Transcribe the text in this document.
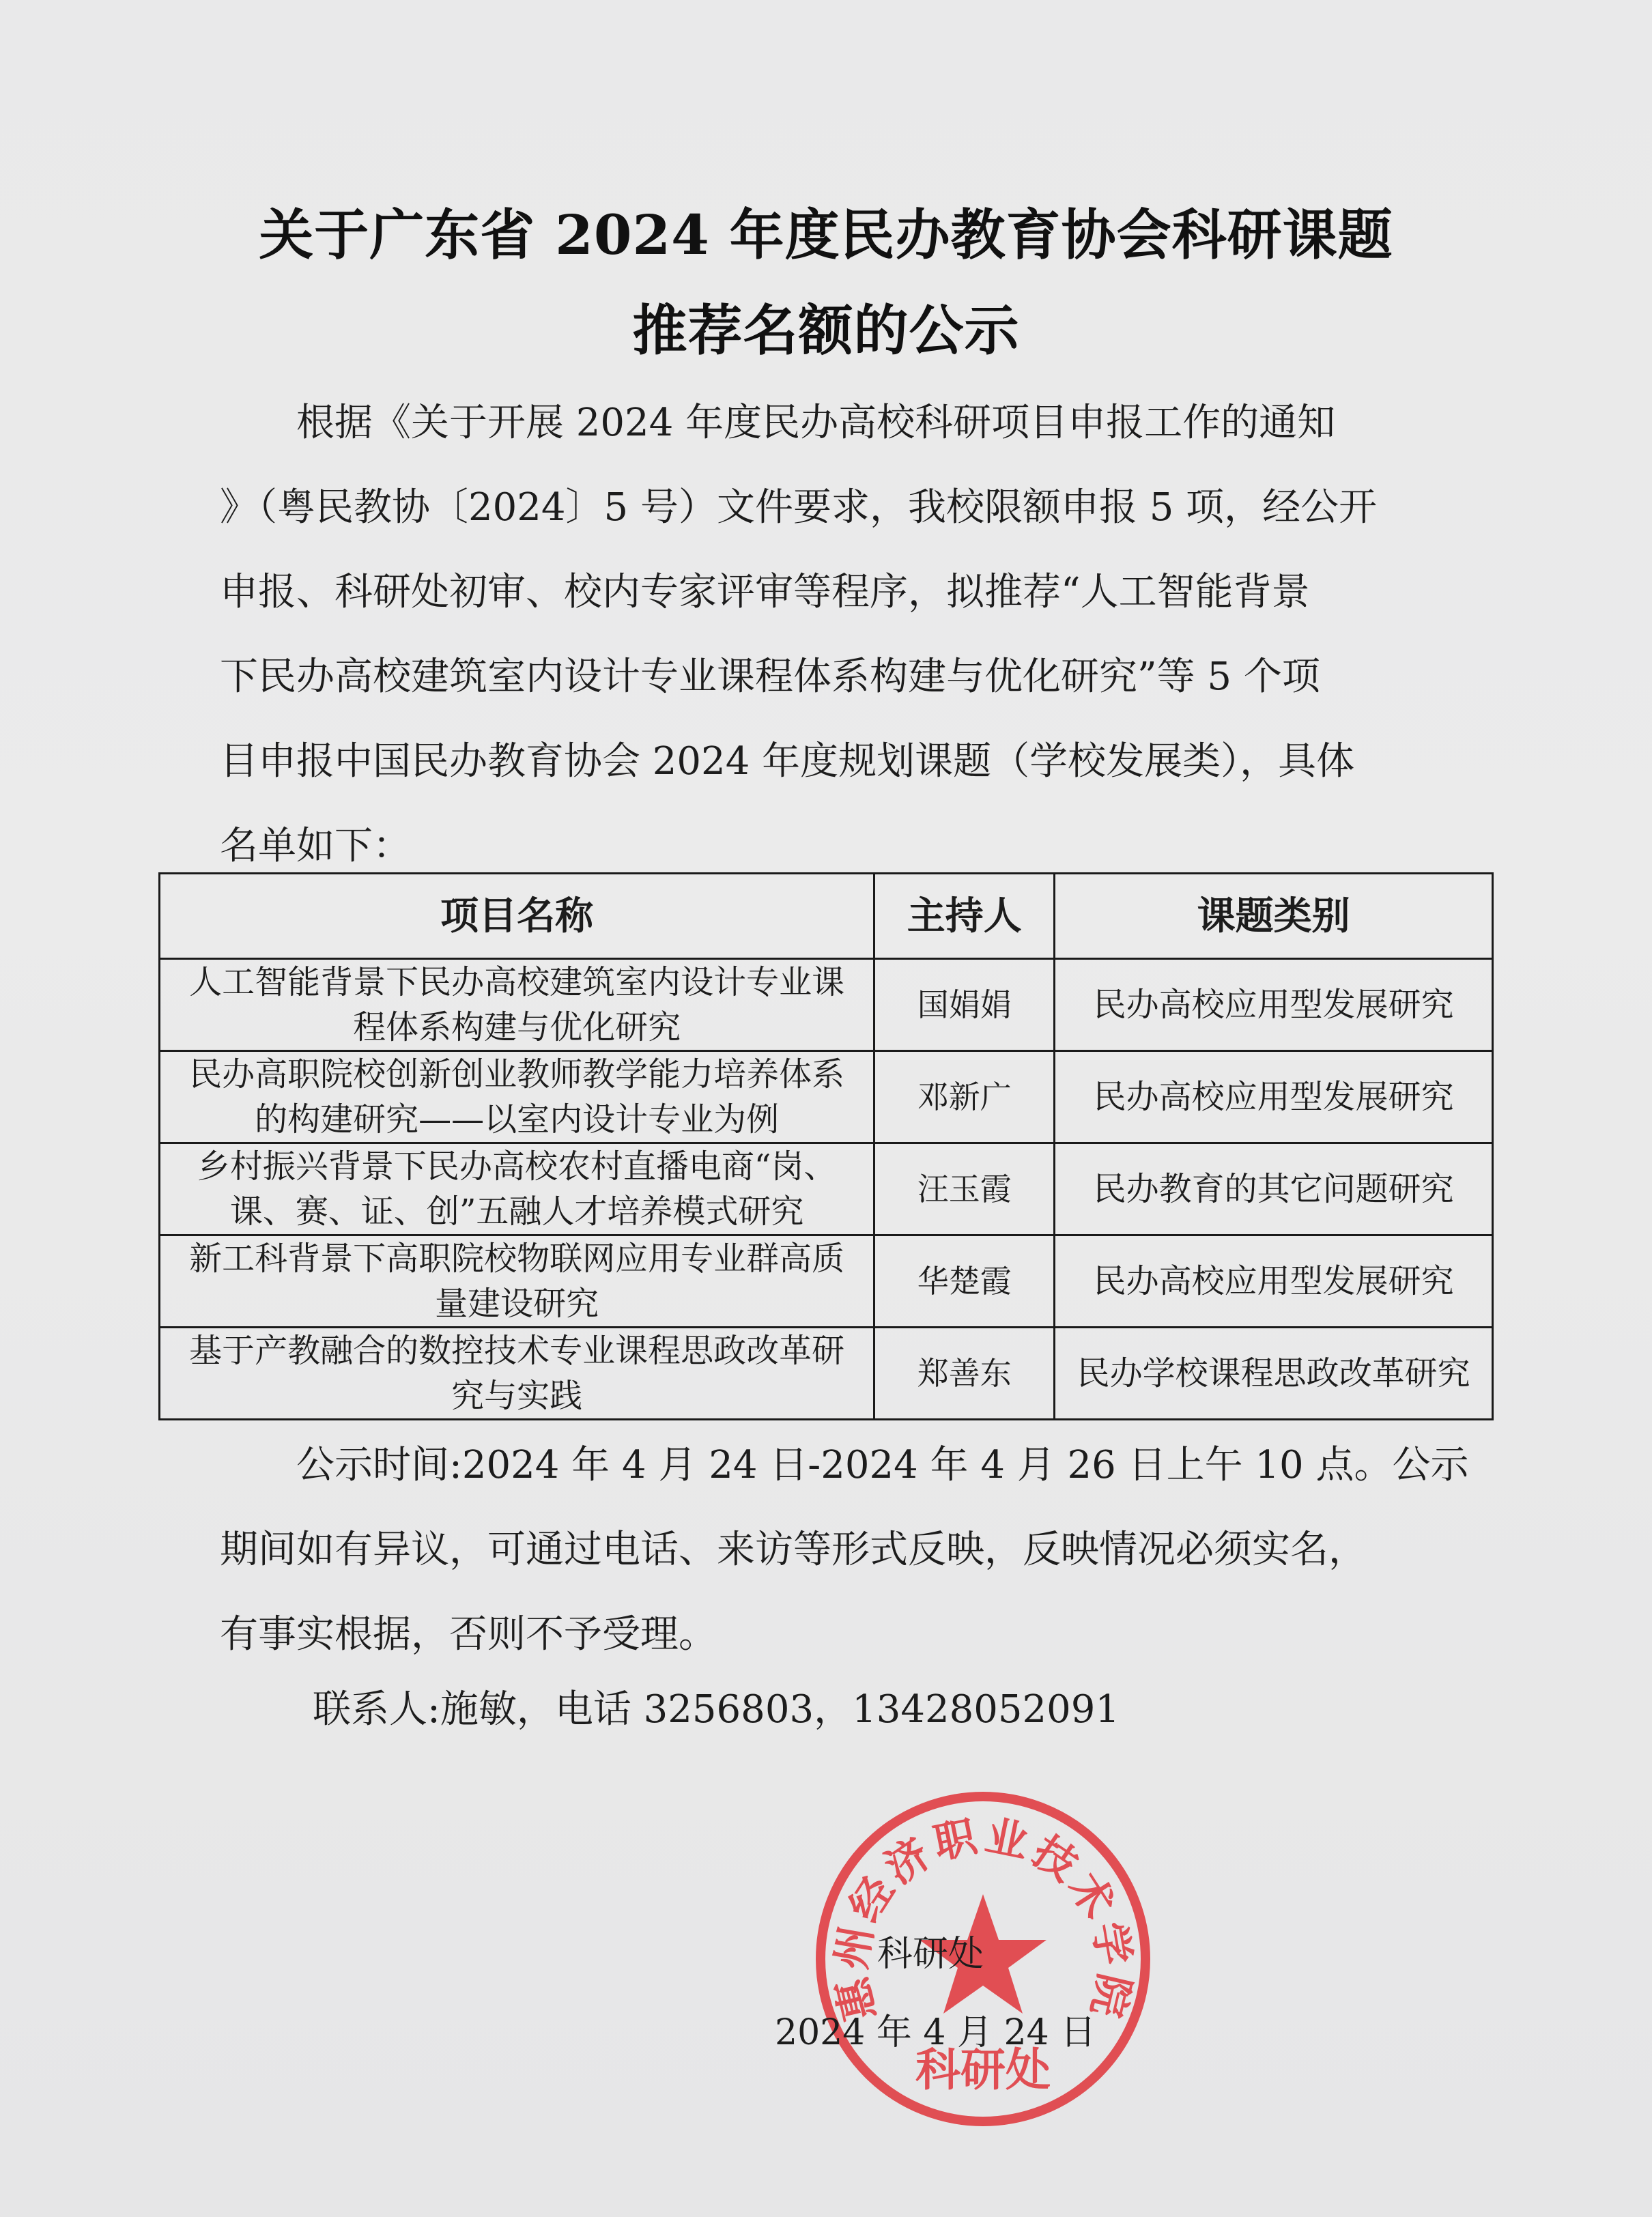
关于广东省 2024 年度民办教育协会科研课题
推荐名额的公示
根据《关于开展 2024 年度民办高校科研项目申报工作的通知
》（粤民教协〔2024〕5 号）文件要求，我校限额申报 5 项，经公开
申报、科研处初审、校内专家评审等程序，拟推荐“人工智能背景
下民办高校建筑室内设计专业课程体系构建与优化研究”等 5 个项
目申报中国民办教育协会 2024 年度规划课题（学校发展类），具体
名单如下：
项目名称	主持人	课题类别

人工智能背景下民办高校建筑室内设计专业课
程体系构建与优化研究	国娟娟	民办高校应用型发展研究

民办高职院校创新创业教师教学能力培养体系
的构建研究——以室内设计专业为例	邓新广	民办高校应用型发展研究

乡村振兴背景下民办高校农村直播电商“岗、
课、赛、证、创”五融人才培养模式研究	汪玉霞	民办教育的其它问题研究

新工科背景下高职院校物联网应用专业群高质
量建设研究	华楚霞	民办高校应用型发展研究

基于产教融合的数控技术专业课程思政改革研
究与实践	郑善东	民办学校课程思政改革研究
公示时间:2024 年 4 月 24 日-2024 年 4 月 26 日上午 10 点。公示
期间如有异议，可通过电话、来访等形式反映，反映情况必须实名，
有事实根据，否则不予受理。
联系人:施敏，电话 3256803，13428052091
惠州经济职业技术学院
科研处
科研处
2024 年 4 月 24 日
